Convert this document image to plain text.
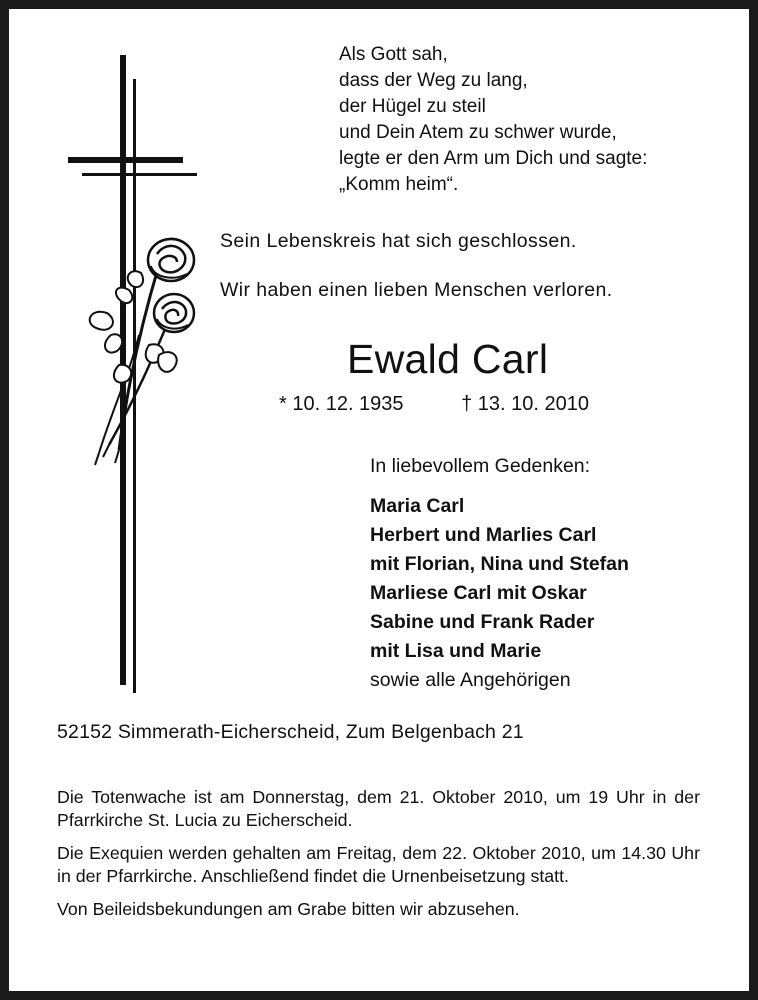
Als Gott sah,
dass der Weg zu lang,
der Hügel zu steil
und Dein Atem zu schwer wurde,
legte er den Arm um Dich und sagte:
„Komm heim“.
Sein Lebenskreis hat sich geschlossen.
Wir haben einen lieben Menschen verloren.
Ewald Carl
* 10. 12. 1935	† 13. 10. 2010
In liebevollem Gedenken:
Maria Carl
Herbert und Marlies Carl
mit Florian, Nina und Stefan
Marliese Carl mit Oskar
Sabine und Frank Rader
mit Lisa und Marie
sowie alle Angehörigen
52152 Simmerath-Eicherscheid, Zum Belgenbach 21

Die Totenwache ist am Donnerstag, dem 21. Oktober 2010, um 19 Uhr in der Pfarrkirche St. Lucia zu Eicherscheid.

Die Exequien werden gehalten am Freitag, dem 22. Oktober 2010, um 14.30 Uhr in der Pfarrkirche. Anschließend findet die Urnenbeisetzung statt.

Von Beileidsbekundungen am Grabe bitten wir abzusehen.
